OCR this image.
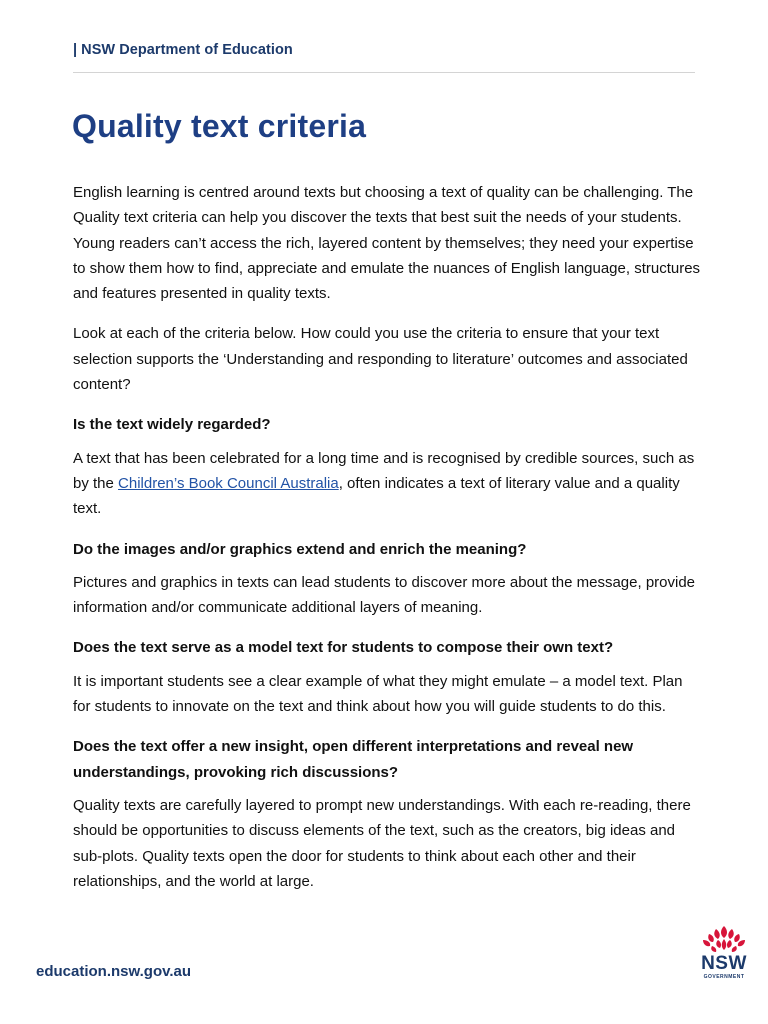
| NSW Department of Education
Quality text criteria

English learning is centred around texts but choosing a text of quality can be challenging. The Quality text criteria can help you discover the texts that best suit the needs of your students. Young readers can’t access the rich, layered content by themselves; they need your expertise to show them how to find, appreciate and emulate the nuances of English language, structures and features presented in quality texts.

Look at each of the criteria below. How could you use the criteria to ensure that your text selection supports the ‘Understanding and responding to literature’ outcomes and associated content?

Is the text widely regarded?

A text that has been celebrated for a long time and is recognised by credible sources, such as by the Children’s Book Council Australia, often indicates a text of literary value and a quality text.

Do the images and/or graphics extend and enrich the meaning?

Pictures and graphics in texts can lead students to discover more about the message, provide information and/or communicate additional layers of meaning.

Does the text serve as a model text for students to compose their own text?

It is important students see a clear example of what they might emulate – a model text. Plan for students to innovate on the text and think about how you will guide students to do this.

Does the text offer a new insight, open different interpretations and reveal new understandings, provoking rich discussions?

Quality texts are carefully layered to prompt new understandings. With each re-reading, there should be opportunities to discuss elements of the text, such as the creators, big ideas and sub-plots. Quality texts open the door for students to think about each other and their relationships, and the world at large.

education.nsw.gov.au	NSW
GOVERNMENT
